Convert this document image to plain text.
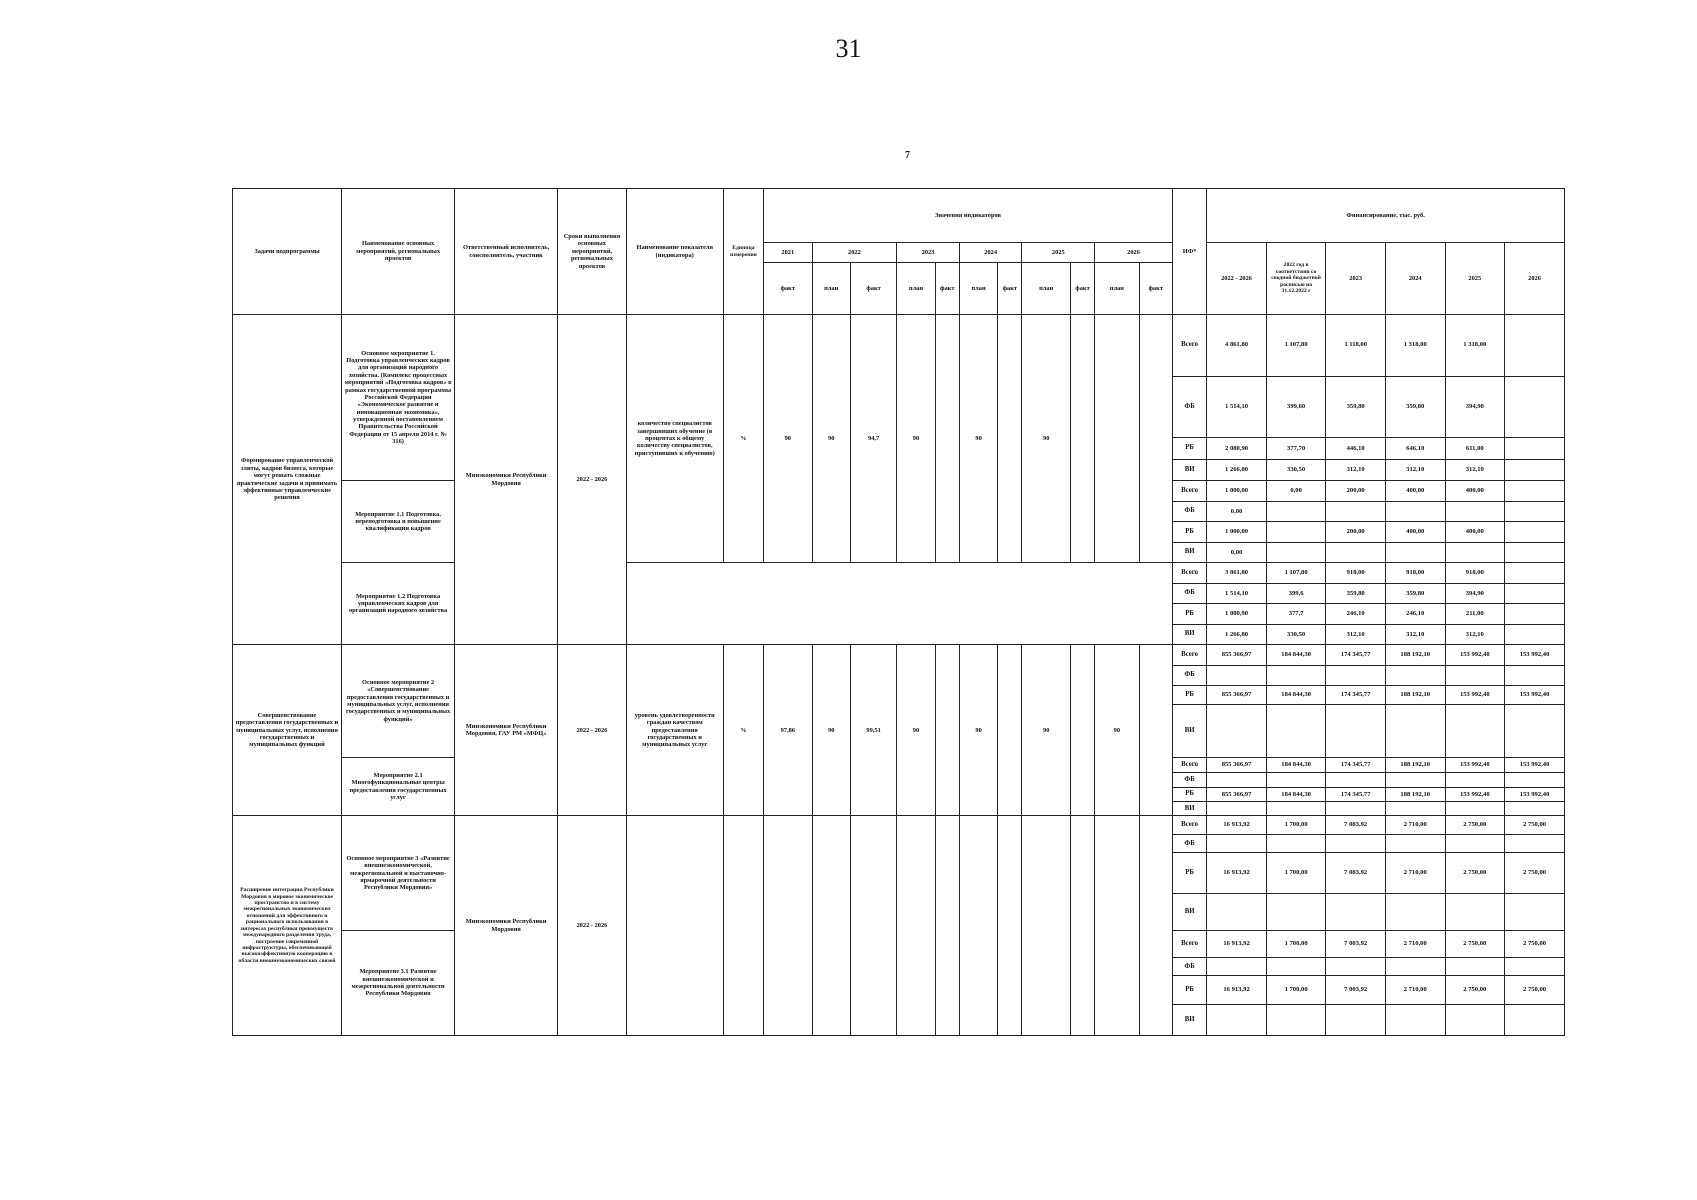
31
7
Задачи подпрограммы	Наименование основных мероприятий, региональных проектов	Ответственный исполнитель, соисполнитель, участник	Сроки выполнения основных мероприятий, региональных проектов	Наименование показателя (индикатора)	Единица измерения	Значения индикаторов											ИФ*	Финансирование, тыс. руб.					
						2021	2022		2023		2024		2025		2026			2022 - 2026	2022 год в соответствии со сводной бюджетной росписью на 31.12.2022 г	2023	2024	2025	2026
						факт	план	факт	план	факт	план	факт	план	факт	план	факт							
Формирование управленческой элиты, кадров бизнеса, которые могут решать сложные практические задачи и принимать эффективные управленческие решения	Основное мероприятие 1. Подготовка управленческих кадров для организаций народного хозяйства. (Комплекс процессных мероприятий «Подготовка кадров» в рамках государственной программы Российской Федерации «Экономическое развитие и инновационная экономика», утвержденной постановлением Правительства Российской Федерации от 15 апреля 2014 г. № 316)	Минэкономики Республики Мордовия	2022 - 2026	количество специалистов завершивших обучение (в процентах к общему количеству специалистов, приступивших к обучению)	%	90	90	94,7	90		90		90				Всего	4 861,80	1 107,80	1 118,00	1 318,00	1 318,00	
																	ФБ	1 514,10	399,60	359,80	359,80	394,90	
																	РБ	2 080,90	377,70	446,10	646,10	611,00	
																	ВИ	1 266,80	330,50	312,10	312,10	312,10	
	Мероприятие 1.1 Подготовка, переподготовка и повышение квалификации кадров																Всего	1 000,00	0,00	200,00	400,00	400,00	
																	ФБ	0,00					
																	РБ	1 000,00		200,00	400,00	400,00	
																	ВИ	0,00					
	Мероприятие 1.2 Подготовка управленческих кадров для организаций народного хозяйства																Всего	3 861,80	1 107,80	918,00	918,00	918,00	
																	ФБ	1 514,10	399,6	359,80	359,80	394,90	
																	РБ	1 080,90	377,7	246,10	246,10	211,00	
																	ВИ	1 266,80	330,50	312,10	312,10	312,10	
Совершенствование предоставления государственных и муниципальных услуг, исполнения государственных и муниципальных функций	Основное мероприятие 2 «Совершенствование предоставления государственных и муниципальных услуг, исполнения государственных и муниципальных функций»	Минэкономики Республики Мордовия, ГАУ РМ «МФЦ»	2022 - 2026	уровень удовлетворенности граждан качеством предоставления государственных и муниципальных услуг	%	97,86	90	99,51	90		90		90		90		Всего	855 366,97	184 844,30	174 345,77	188 192,10	153 992,40	153 992,40
																	ФБ						
																	РБ	855 366,97	184 844,30	174 345,77	188 192,10	153 992,40	153 992,40
																	ВИ						
	Мероприятие 2.1 Многофункциональные центры предоставления государственных услуг																Всего	855 366,97	184 844,30	174 345,77	188 192,10	153 992,40	153 992,40
																	ФБ						
																	РБ	855 366,97	184 844,30	174 345,77	188 192,10	153 992,40	153 992,40
																	ВИ						
Расширение интеграции Республики Мордовия в мировое экономическое пространство и в систему межрегиональных экономических отношений для эффективного и рационального использования в интересах республики преимуществ международного разделения труда, построение современной инфраструктуры, обеспечивающей высокоэффективную кооперацию в области внешнеэкономических связей	Основное мероприятие 3 «Развитие внешнеэкономической, межрегиональной и выставочно-ярмарочной деятельности Республики Мордовия»	Минэкономики Республики Мордовия	2022 - 2026														Всего	16 913,92	1 700,00	7 003,92	2 710,00	2 750,00	2 750,00
																	ФБ						
																	РБ	16 913,92	1 700,00	7 003,92	2 710,00	2 750,00	2 750,00
																	ВИ						
	Мероприятие 3.1 Развитие внешнеэкономической и межрегиональной деятельности Республики Мордовия																Всего	16 913,92	1 700,00	7 003,92	2 710,00	2 750,00	2 750,00
																	ФБ						
																	РБ	16 913,92	1 700,00	7 003,92	2 710,00	2 750,00	2 750,00
																	ВИ						
